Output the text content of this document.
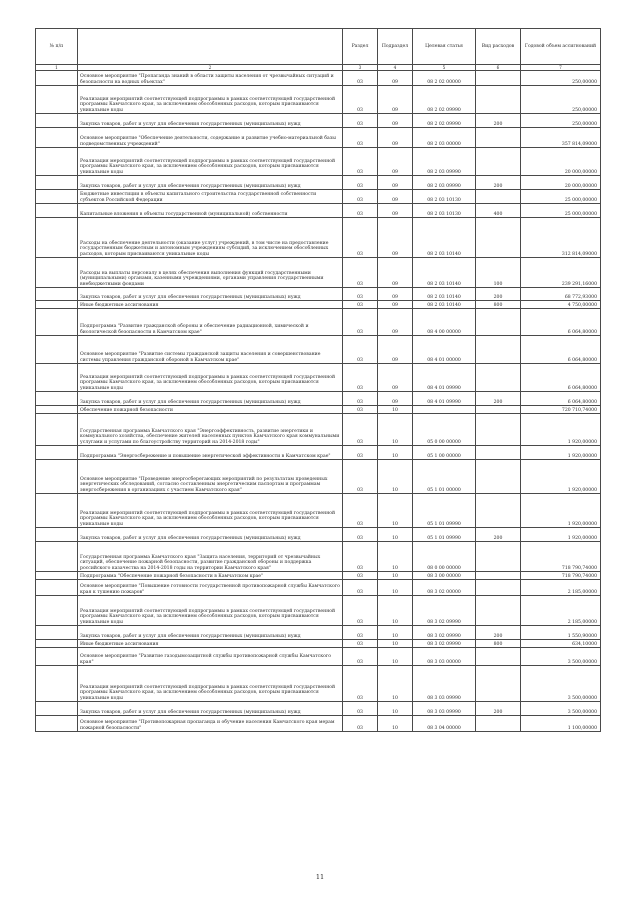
№ п/п		Раздел	Подраздел	Целевая статья	Вид расходов	Годовой объем ассигнований
1	2	3	4	5	6	7
	Основное мероприятие "Пропаганда знаний в области защиты населения от чрезвычайных ситуаций и безопасности на водных объектах"	03	09	08 2 02 00000		250,00000
	Реализация мероприятий соответствующей подпрограммы в рамках соответствующей государственной программы Камчатского края, за исключением обособленных расходов, которым присваиваются уникальные коды	03	09	08 2 02 09990		250,00000
	Закупка товаров, работ и услуг для обеспечения государственных (муниципальных) нужд	03	09	08 2 02 09990	200	250,00000
	Основное мероприятие "Обеспечение деятельности, содержание и развитие учебно-материальной базы подведомственных учреждений"	03	09	08 2 03 00000		357 814,09000
	Реализация мероприятий соответствующей подпрограммы в рамках соответствующей государственной программы Камчатского края, за исключением обособленных расходов, которым присваиваются уникальные коды	03	09	08 2 03 09990		20 000,00000
	Закупка товаров, работ и услуг для обеспечения государственных (муниципальных) нужд	03	09	08 2 03 09990	200	20 000,00000
	Бюджетные инвестиции в объекты капитального строительства государственной собственности субъектов Российской Федерации	03	09	08 2 03 10130		25 000,00000
	Капитальные вложения в объекты государственной (муниципальной) собственности	03	09	08 2 03 10130	400	25 000,00000
	Расходы на обеспечение деятельности (оказание услуг) учреждений, в том числе на предоставление государственным бюджетным и автономным учреждениям субсидий, за исключением обособленных расходов, которым присваиваются уникальные коды	03	09	08 2 03 10140		312 814,09000
	Расходы на выплаты персоналу в целях обеспечения выполнения функций государственными (муниципальными) органами, казенными учреждениями, органами управления государственными внебюджетными фондами	03	09	08 2 03 10140	100	239 291,16000
	Закупка товаров, работ и услуг для обеспечения государственных (муниципальных) нужд	03	09	08 2 03 10140	200	68 772,93000
	Иные бюджетные ассигнования	03	09	08 2 03 10140	800	4 750,00000
	Подпрограмма "Развитие гражданской обороны и обеспечение радиационной, химической и биологической безопасности в Камчатском крае"	03	09	08 4 00 00000		6 064,80000
	Основное мероприятие "Развитие системы гражданской защиты населения и совершенствование системы управления гражданской обороной в Камчатском крае"	03	09	08 4 01 00000		6 064,80000
	Реализация мероприятий соответствующей подпрограммы в рамках соответствующей государственной программы Камчатского края, за исключением обособленных расходов, которым присваиваются уникальные коды	03	09	08 4 01 09990		6 064,80000
	Закупка товаров, работ и услуг для обеспечения государственных (муниципальных) нужд	03	09	08 4 01 09990	200	6 064,80000
	Обеспечение пожарной безопасности	03	10			720 710,74000
	Государственная программа Камчатского края "Энергоэффективность, развитие энергетики и коммунального хозяйства, обеспечение жителей населенных пунктов Камчатского края коммунальными услугами и услугами по благоустройству территорий на 2014-2018 годы"	03	10	05 0 00 00000		1 920,00000
	Подпрограмма "Энергосбережение и повышение энергетической эффективности в Камчатском крае"	03	10	05 1 00 00000		1 920,00000
	Основное мероприятие "Проведение энергосберегающих мероприятий по результатам проведенных энергетических обследований, согласно составленным энергетическим паспортам и программам энергосбережения в организациях с участием Камчатского края"	03	10	05 1 01 00000		1 920,00000
	Реализация мероприятий соответствующей подпрограммы в рамках соответствующей государственной программы Камчатского края, за исключением обособленных расходов, которым присваиваются уникальные коды	03	10	05 1 01 09990		1 920,00000
	Закупка товаров, работ и услуг для обеспечения государственных (муниципальных) нужд	03	10	05 1 01 09990	200	1 920,00000
	Государственная программа Камчатского края "Защита населения, территорий от чрезвычайных ситуаций, обеспечение пожарной безопасности, развитие гражданской обороны и поддержка российского казачества на 2014-2018 годы на территории Камчатского края"	03	10	08 0 00 00000		718 790,74000
	Подпрограмма "Обеспечение пожарной безопасности в Камчатском крае"	03	10	08 3 00 00000		718 790,74000
	Основное мероприятие "Повышение готовности государственной противопожарной службы Камчатского края к тушению пожаров"	03	10	08 3 02 00000		2 185,00000
	Реализация мероприятий соответствующей подпрограммы в рамках соответствующей государственной программы Камчатского края, за исключением обособленных расходов, которым присваиваются уникальные коды	03	10	08 3 02 09990		2 185,00000
	Закупка товаров, работ и услуг для обеспечения государственных (муниципальных) нужд	03	10	08 3 02 09990	200	1 550,90000
	Иные бюджетные ассигнования	03	10	08 3 02 09990	800	634,10000
	Основное мероприятие "Развитие газодымозащитной службы противопожарной службы Камчатского края"	03	10	08 3 03 00000		3 500,00000
	Реализация мероприятий соответствующей подпрограммы в рамках соответствующей государственной программы Камчатского края, за исключением обособленных расходов, которым присваиваются уникальные коды	03	10	08 3 03 09990		3 500,00000
	Закупка товаров, работ и услуг для обеспечения государственных (муниципальных) нужд	03	10	08 3 03 09990	200	3 500,00000
	Основное мероприятие "Противопожарная пропаганда и обучение населения Камчатского края мерам пожарной безопасности"	03	10	08 3 04 00000		1 100,00000
11
